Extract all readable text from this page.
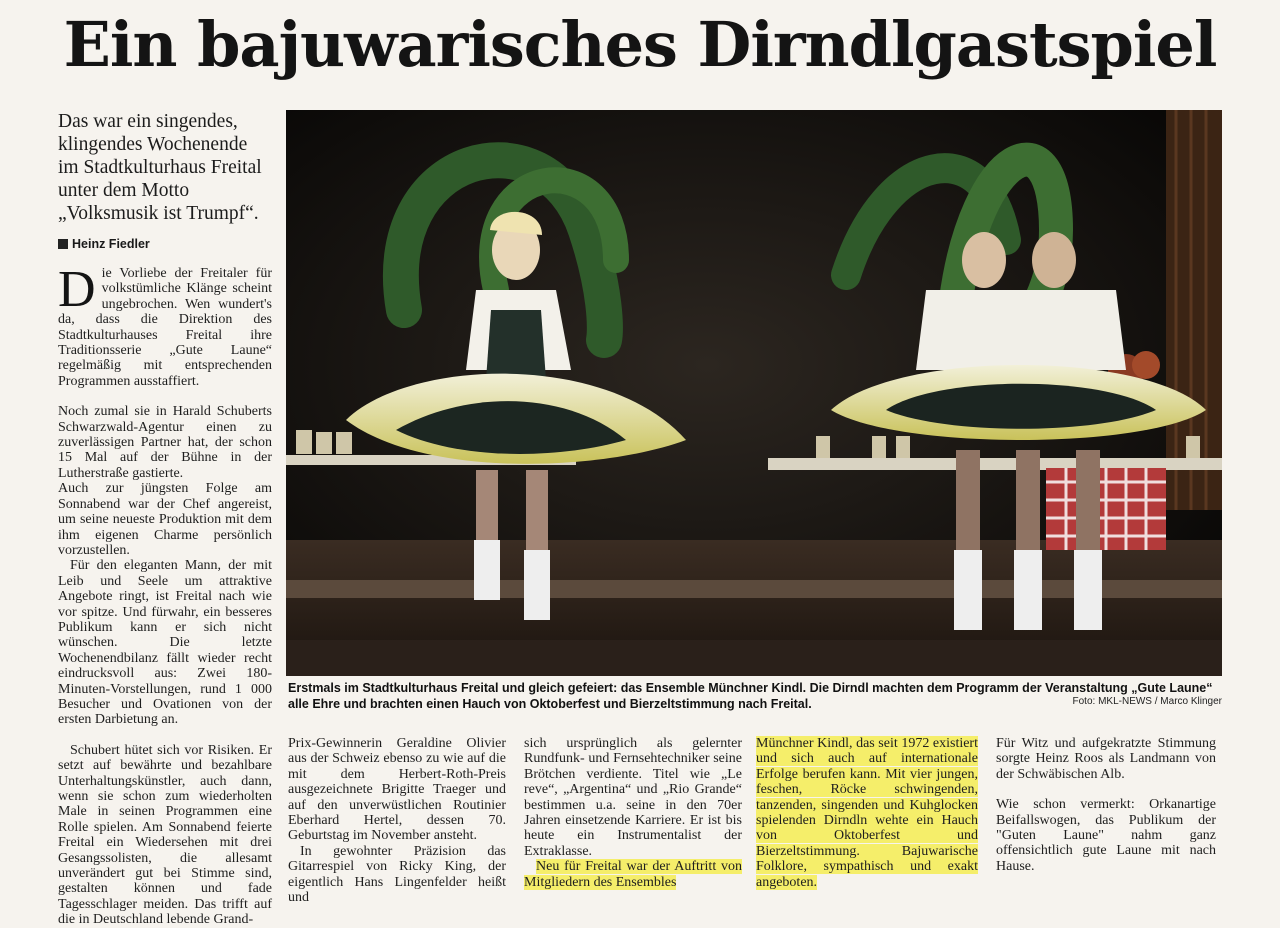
Ein bajuwarisches Dirndlgastspiel
Das war ein singendes,
klingendes Wochenende
im Stadtkulturhaus Freital
unter dem Motto
„Volksmusik ist Trumpf“.
Heinz Fiedler

Die Vorliebe der Freitaler für volkstümliche Klänge scheint ungebrochen. Wen wundert's da, dass die Direktion des Stadtkulturhauses Freital ihre Traditionsserie „Gute Laune“ regelmäßig mit entsprechenden Programmen ausstaffiert.

Noch zumal sie in Harald Schuberts Schwarzwald-Agentur einen zu zuverlässigen Partner hat, der schon 15 Mal auf der Bühne in der Lutherstraße gastierte.

Auch zur jüngsten Folge am Sonnabend war der Chef angereist, um seine neueste Produktion mit dem ihm eigenen Charme persönlich vorzustellen.

Für den eleganten Mann, der mit Leib und Seele um attraktive Angebote ringt, ist Freital nach wie vor spitze. Und fürwahr, ein besseres Publikum kann er sich nicht wünschen. Die letzte Wochenendbilanz fällt wieder recht eindrucksvoll aus: Zwei 180-Minuten-Vorstellungen, rund 1 000 Besucher und Ovationen von der ersten Darbietung an.

Schubert hütet sich vor Risiken. Er setzt auf bewährte und bezahlbare Unterhaltungskünstler, auch dann, wenn sie schon zum wiederholten Male in seinen Programmen eine Rolle spielen. Am Sonnabend feierte Freital ein Wiedersehen mit drei Gesangssolisten, die allesamt unverändert gut bei Stimme sind, gestalten können und fade Tagesschlager meiden. Das trifft auf die in Deutschland lebende Grand-

Erstmals im Stadtkulturhaus Freital und gleich gefeiert: das Ensemble Münchner Kindl. Die Dirndl machten dem Programm der Veranstaltung „Gute Laune“ alle Ehre und brachten einen Hauch von Oktoberfest und Bierzeltstimmung nach Freital.	Foto: MKL-NEWS / Marco Klinger

Prix-Gewinnerin Geraldine Olivier aus der Schweiz ebenso zu wie auf die mit dem Herbert-Roth-Preis ausgezeichnete Brigitte Traeger und auf den unverwüstlichen Routinier Eberhard Hertel, dessen 70. Geburtstag im November ansteht.

In gewohnter Präzision das Gitarrespiel von Ricky King, der eigentlich Hans Lingenfelder heißt und

sich ursprünglich als gelernter Rundfunk- und Fernsehtechniker seine Brötchen verdiente. Titel wie „Le reve“, „Argentina“ und „Rio Grande“ bestimmen u.a. seine in den 70er Jahren einsetzende Karriere. Er ist bis heute ein Instrumentalist der Extraklasse.

Neu für Freital war der Auftritt von Mitgliedern des Ensembles

Münchner Kindl, das seit 1972 existiert und sich auch auf internationale Erfolge berufen kann. Mit vier jungen, feschen, Röcke schwingenden, tanzenden, singenden und Kuhglocken spielenden Dirndln wehte ein Hauch von Oktoberfest und Bierzeltstimmung. Bajuwarische Folklore, sympathisch und exakt angeboten.

Für Witz und aufgekratzte Stimmung sorgte Heinz Roos als Landmann von der Schwäbischen Alb.

Wie schon vermerkt: Orkanartige Beifallswogen, das Publikum der "Guten Laune" nahm ganz offensichtlich gute Laune mit nach Hause.
